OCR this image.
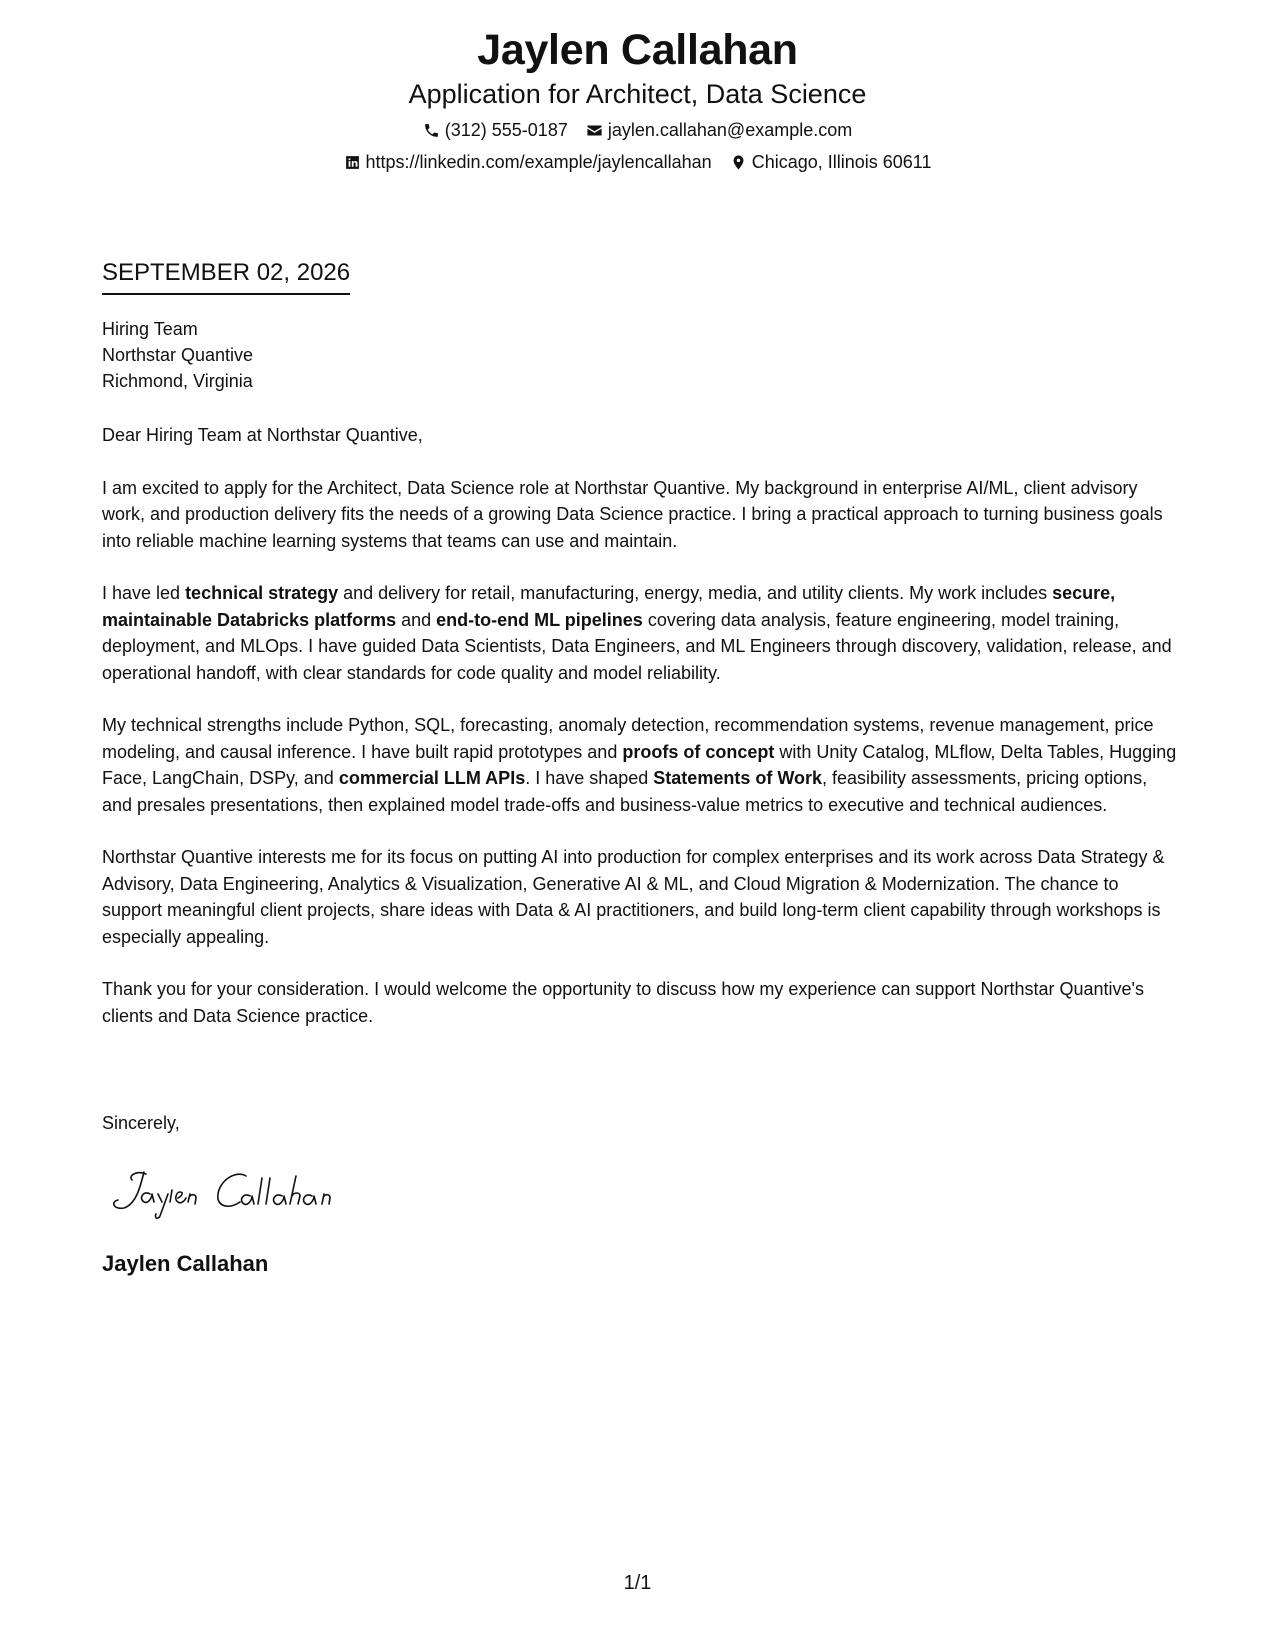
Jaylen Callahan
Application for Architect, Data Science
(312) 555-0187 jaylen.callahan@example.com
https://linkedin.com/example/jaylencallahan Chicago, Illinois 60611
SEPTEMBER 02, 2026
Hiring Team
Northstar Quantive
Richmond, Virginia

Dear Hiring Team at Northstar Quantive,

I am excited to apply for the Architect, Data Science role at Northstar Quantive. My background in enterprise AI/ML, client advisory work, and production delivery fits the needs of a growing Data Science practice. I bring a practical approach to turning business goals into reliable machine learning systems that teams can use and maintain.

I have led technical strategy and delivery for retail, manufacturing, energy, media, and utility clients. My work includes secure, maintainable Databricks platforms and end-to-end ML pipelines covering data analysis, feature engineering, model training, deployment, and MLOps. I have guided Data Scientists, Data Engineers, and ML Engineers through discovery, validation, release, and operational handoff, with clear standards for code quality and model reliability.

My technical strengths include Python, SQL, forecasting, anomaly detection, recommendation systems, revenue management, price modeling, and causal inference. I have built rapid prototypes and proofs of concept with Unity Catalog, MLflow, Delta Tables, Hugging Face, LangChain, DSPy, and commercial LLM APIs. I have shaped Statements of Work, feasibility assessments, pricing options, and presales presentations, then explained model trade-offs and business-value metrics to executive and technical audiences.

Northstar Quantive interests me for its focus on putting AI into production for complex enterprises and its work across Data Strategy & Advisory, Data Engineering, Analytics & Visualization, Generative AI & ML, and Cloud Migration & Modernization. The chance to support meaningful client projects, share ideas with Data & AI practitioners, and build long-term client capability through workshops is especially appealing.

Thank you for your consideration. I would welcome the opportunity to discuss how my experience can support Northstar Quantive's clients and Data Science practice.

Sincerely,
Jaylen Callahan
1/1
